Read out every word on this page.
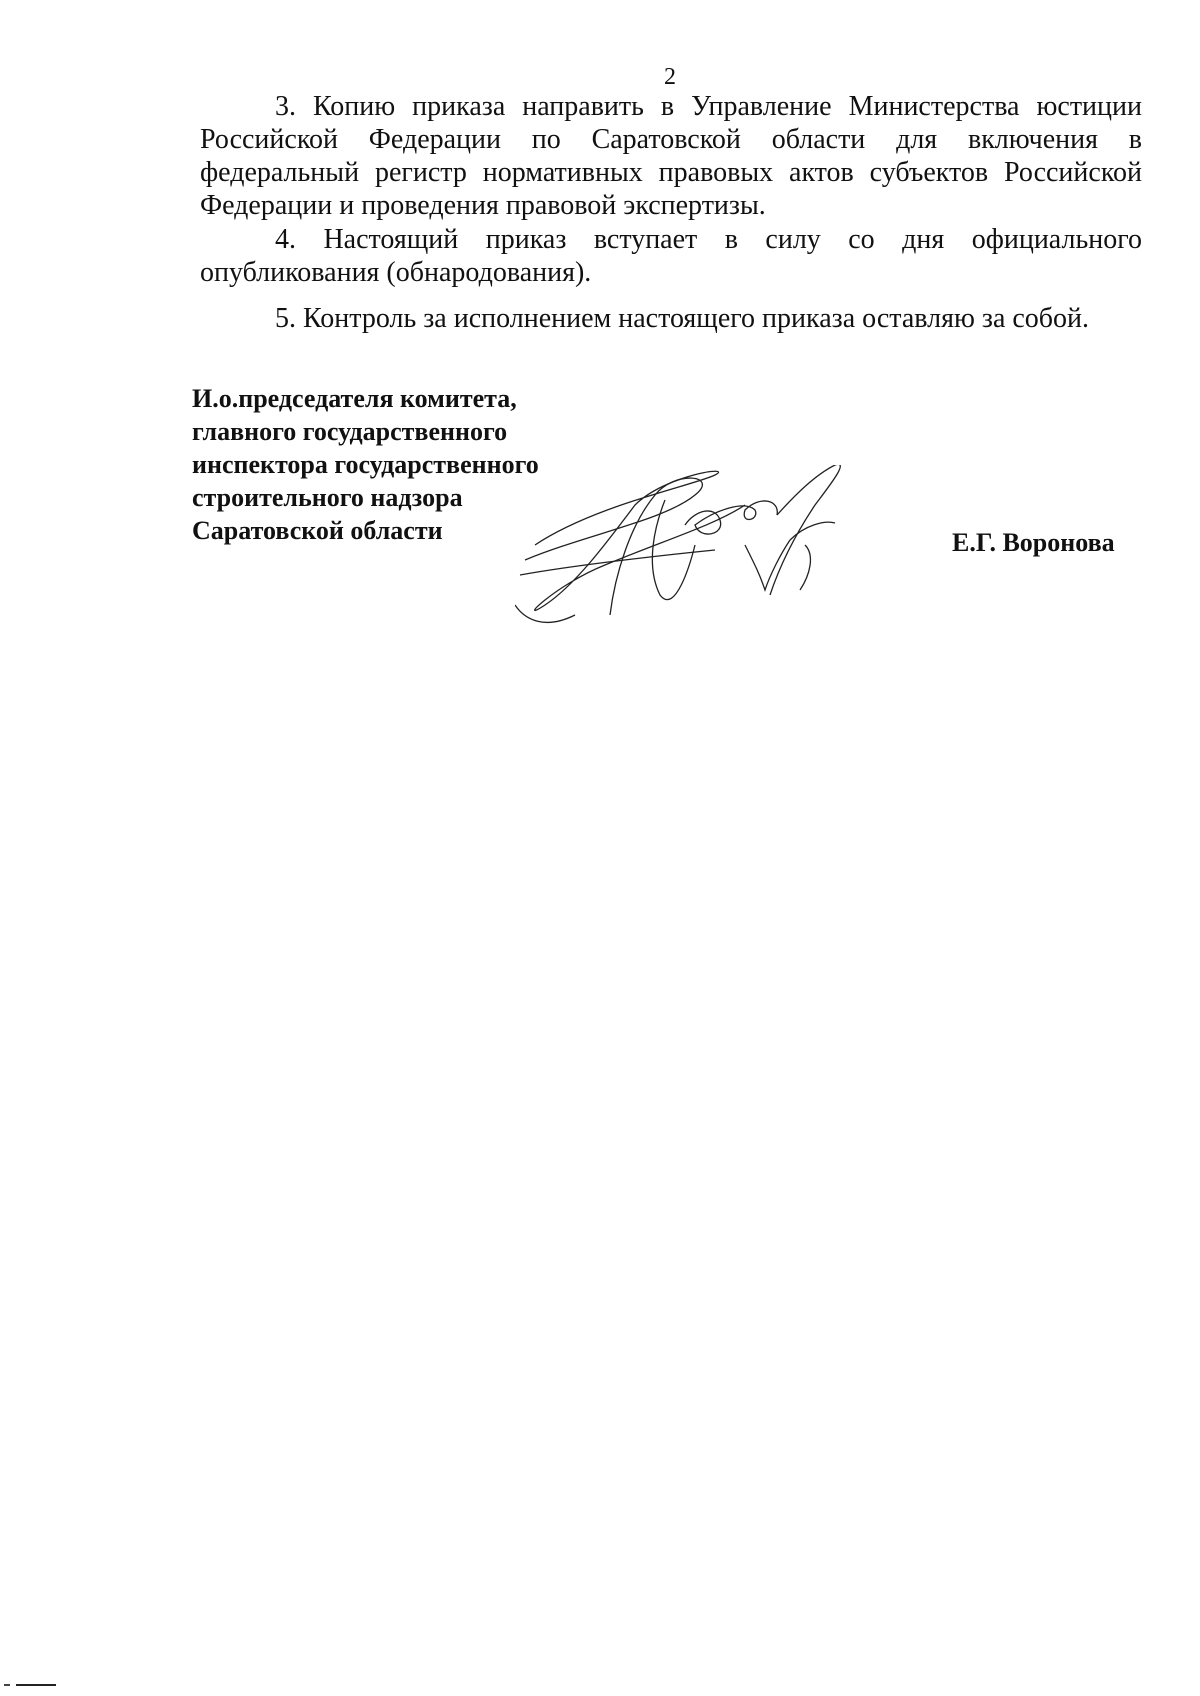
2
3. Копию приказа направить в Управление Министерства юстиции
Российской Федерации по Саратовской области для включения в
федеральный регистр нормативных правовых актов субъектов Российской
Федерации и проведения правовой экспертизы.
4. Настоящий приказ вступает в силу со дня официального
опубликования (обнародования).
5. Контроль за исполнением настоящего приказа оставляю за собой.
И.о.председателя комитета,
главного государственного
инспектора государственного
строительного надзора
Саратовской области	Е.Г. Воронова
